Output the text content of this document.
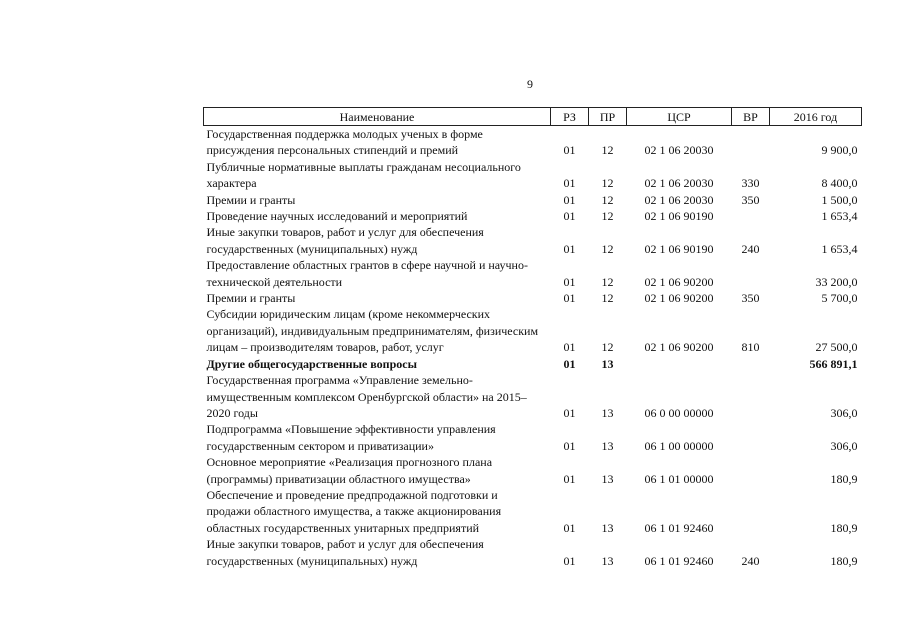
9
Наименование	РЗ	ПР	ЦСР	ВР	2016 год
Государственная поддержка молодых ученых в форме присуждения персональных стипендий и премий	01	12	02 1 06 20030		9 900,0
Публичные нормативные выплаты гражданам несоциального характера	01	12	02 1 06 20030	330	8 400,0
Премии и гранты	01	12	02 1 06 20030	350	1 500,0
Проведение научных исследований и мероприятий	01	12	02 1 06 90190		1 653,4
Иные закупки товаров, работ и услуг для обеспечения государственных (муниципальных) нужд	01	12	02 1 06 90190	240	1 653,4
Предоставление областных грантов в сфере научной и научно-технической деятельности	01	12	02 1 06 90200		33 200,0
Премии и гранты	01	12	02 1 06 90200	350	5 700,0
Субсидии юридическим лицам (кроме некоммерческих организаций), индивидуальным предпринимателям, физическим лицам – производителям товаров, работ, услуг	01	12	02 1 06 90200	810	27 500,0
Другие общегосударственные вопросы	01	13			566 891,1
Государственная программа «Управление земельно-имущественным комплексом Оренбургской области» на 2015–2020 годы	01	13	06 0 00 00000		306,0
Подпрограмма «Повышение эффективности управления государственным сектором и приватизации»	01	13	06 1 00 00000		306,0
Основное мероприятие «Реализация прогнозного плана (программы) приватизации областного имущества»	01	13	06 1 01 00000		180,9
Обеспечение и проведение предпродажной подготовки и продажи областного имущества, а также акционирования областных государственных унитарных предприятий	01	13	06 1 01 92460		180,9
Иные закупки товаров, работ и услуг для обеспечения государственных (муниципальных) нужд	01	13	06 1 01 92460	240	180,9
